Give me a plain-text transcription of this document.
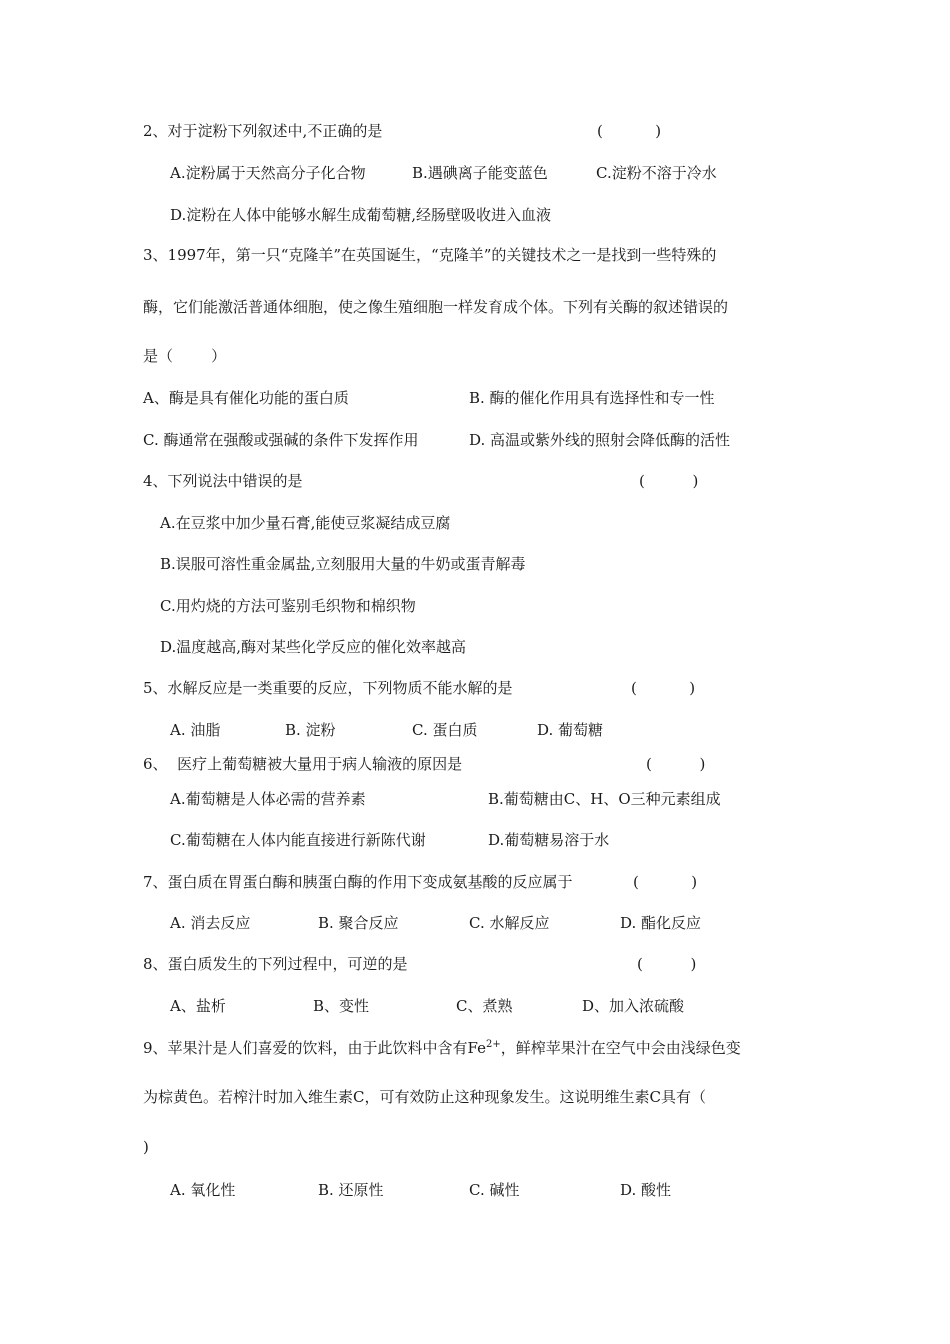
2、对于淀粉下列叙述中,不正确的是	(           )
A.淀粉属于天然高分子化合物	B.遇碘离子能变蓝色	C.淀粉不溶于冷水
D.淀粉在人体中能够水解生成葡萄糖,经肠壁吸收进入血液
3、1997年，第一只“克隆羊”在英国诞生，“克隆羊”的关键技术之一是找到一些特殊的
酶，它们能激活普通体细胞，使之像生殖细胞一样发育成个体。下列有关酶的叙述错误的
是（        ）
A、酶是具有催化功能的蛋白质	B. 酶的催化作用具有选择性和专一性
C. 酶通常在强酸或强碱的条件下发挥作用	D. 高温或紫外线的照射会降低酶的活性
4、下列说法中错误的是	(          )
A.在豆浆中加少量石膏,能使豆浆凝结成豆腐
B.误服可溶性重金属盐,立刻服用大量的牛奶或蛋青解毒
C.用灼烧的方法可鉴别毛织物和棉织物
D.温度越高,酶对某些化学反应的催化效率越高
5、水解反应是一类重要的反应，下列物质不能水解的是	(           )
A. 油脂	B. 淀粉	C. 蛋白质	D. 葡萄糖
6、  医疗上葡萄糖被大量用于病人输液的原因是	(          )
A.葡萄糖是人体必需的营养素	B.葡萄糖由C、H、O三种元素组成
C.葡萄糖在人体内能直接进行新陈代谢	D.葡萄糖易溶于水
7、蛋白质在胃蛋白酶和胰蛋白酶的作用下变成氨基酸的反应属于	(           )
A. 消去反应	B. 聚合反应	C. 水解反应	D. 酯化反应
8、蛋白质发生的下列过程中，可逆的是	(          )
A、盐析	B、变性	C、煮熟	D、加入浓硫酸
9、苹果汁是人们喜爱的饮料，由于此饮料中含有$Fe^{2+}$，鲜榨苹果汁在空气中会由浅绿色变
为棕黄色。若榨汁时加入维生素C，可有效防止这种现象发生。这说明维生素C具有（
)
A. 氧化性	B. 还原性	C. 碱性	D. 酸性
